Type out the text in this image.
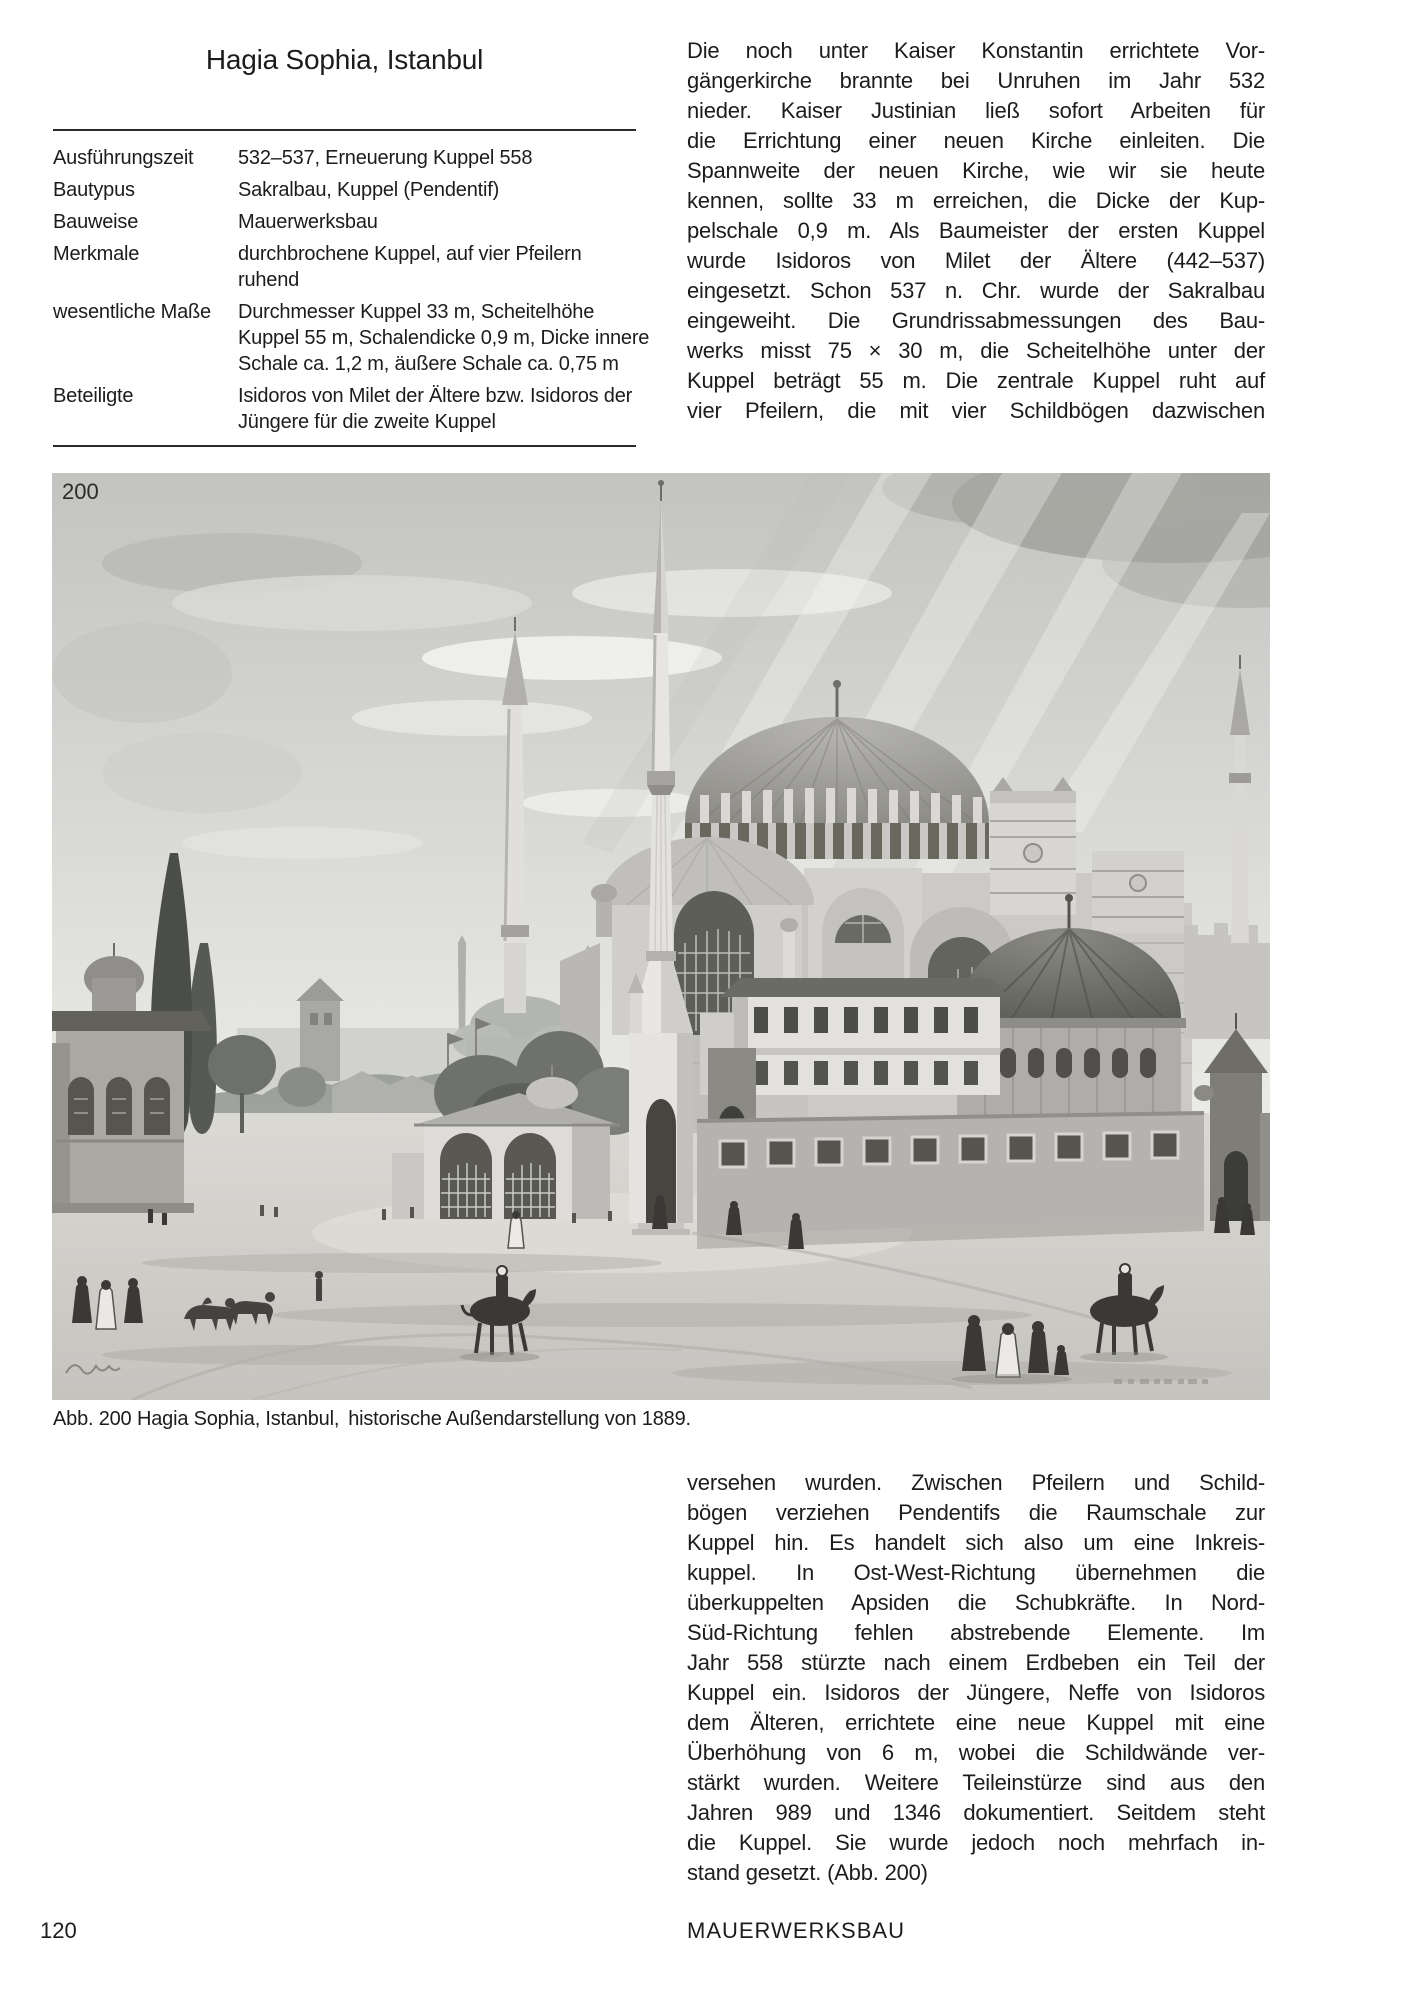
Hagia Sophia, Istanbul
Ausführungszeit	532–537, Erneuerung Kuppel 558
Bautypus	Sakralbau, Kuppel (Pendentif)
Bauweise	Mauerwerksbau
Merkmale	durchbrochene Kuppel, auf vier Pfeilern
ruhend
wesentliche Maße	Durchmesser Kuppel 33 m, Scheitelhöhe
Kuppel 55 m, Schalendicke 0,9 m, Dicke innere
Schale ca. 1,2 m, äußere Schale ca. 0,75 m
Beteiligte	Isidoros von Milet der Ältere bzw. Isidoros der
Jüngere für die zweite Kuppel
Die noch unter Kaiser Konstantin errichtete Vor-
gängerkirche brannte bei Unruhen im Jahr 532
nieder. Kaiser Justinian ließ sofort Arbeiten für
die Errichtung einer neuen Kirche einleiten. Die
Spannweite der neuen Kirche, wie wir sie heute
kennen, sollte 33 m erreichen, die Dicke der Kup-
pelschale 0,9 m. Als Baumeister der ersten Kuppel
wurde Isidoros von Milet der Ältere (442–537)
eingesetzt. Schon 537 n. Chr. wurde der Sakralbau
eingeweiht. Die Grundrissabmessungen des Bau-
werks misst 75 × 30 m, die Scheitelhöhe unter der
Kuppel beträgt 55 m. Die zentrale Kuppel ruht auf
vier Pfeilern, die mit vier Schildbögen dazwischen
200
Abb. 200 Hagia Sophia, Istanbul, historische Außendarstellung von 1889.
versehen wurden. Zwischen Pfeilern und Schild-
bögen verziehen Pendentifs die Raumschale zur
Kuppel hin. Es handelt sich also um eine Inkreis-
kuppel. In Ost-West-Richtung übernehmen die
überkuppelten Apsiden die Schubkräfte. In Nord-
Süd-Richtung fehlen abstrebende Elemente. Im
Jahr 558 stürzte nach einem Erdbeben ein Teil der
Kuppel ein. Isidoros der Jüngere, Neffe von Isidoros
dem Älteren, errichtete eine neue Kuppel mit eine
Überhöhung von 6 m, wobei die Schildwände ver-
stärkt wurden. Weitere Teileinstürze sind aus den
Jahren 989 und 1346 dokumentiert. Seitdem steht
die Kuppel. Sie wurde jedoch noch mehrfach in-
stand gesetzt. (Abb. 200)
120	MAUERWERKSBAU
